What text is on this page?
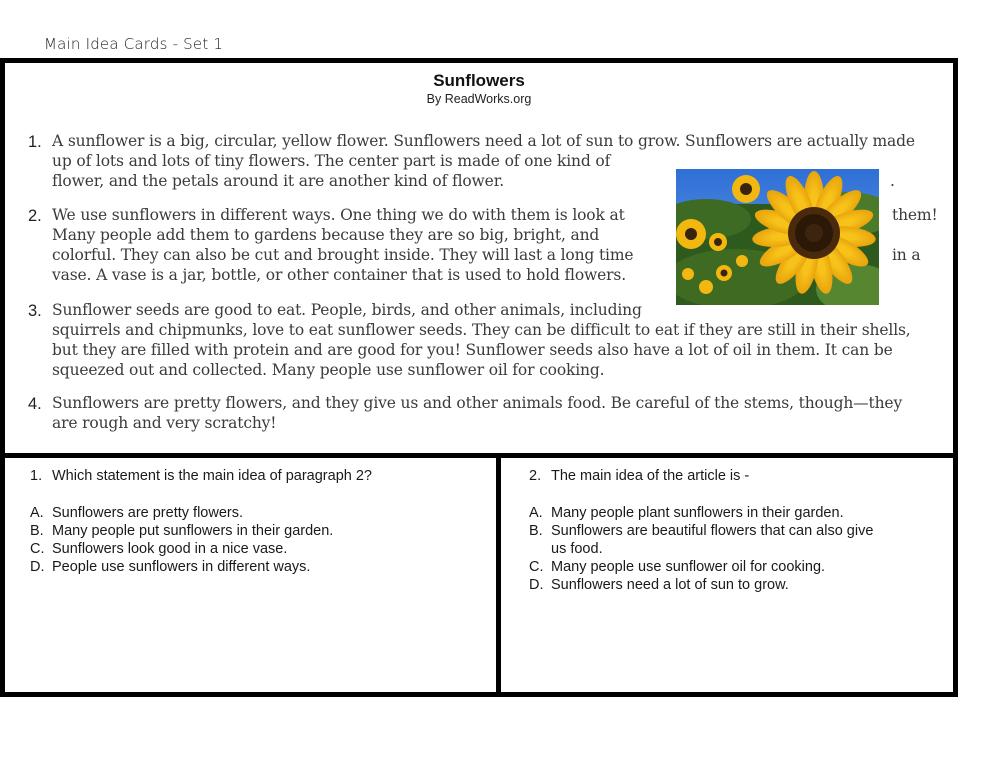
Main Idea Cards - Set 1
Sunflowers
By ReadWorks.org
1. A sunflower is a big, circular, yellow flower. Sunflowers need a lot of sun to grow. Sunflowers are actually made
up of lots and lots of tiny flowers. The center part is made of one kind of
flower, and the petals around it are another kind of flower.	.
2. We use sunflowers in different ways. One thing we do with them is look at	them!
Many people add them to gardens because they are so big, bright, and
colorful. They can also be cut and brought inside. They will last a long time	in a
vase. A vase is a jar, bottle, or other container that is used to hold flowers.
3. Sunflower seeds are good to eat. People, birds, and other animals, including
squirrels and chipmunks, love to eat sunflower seeds. They can be difficult to eat if they are still in their shells,
but they are filled with protein and are good for you! Sunflower seeds also have a lot of oil in them. It can be
squeezed out and collected. Many people use sunflower oil for cooking.
4. Sunflowers are pretty flowers, and they give us and other animals food. Be careful of the stems, though—they
are rough and very scratchy!
1. Which statement is the main idea of paragraph 2?
A. Sunflowers are pretty flowers.
B. Many people put sunflowers in their garden.
C. Sunflowers look good in a nice vase.
D. People use sunflowers in different ways.
2. The main idea of the article is -
A. Many people plant sunflowers in their garden.
B. Sunflowers are beautiful flowers that can also give
us food.
C. Many people use sunflower oil for cooking.
D. Sunflowers need a lot of sun to grow.
